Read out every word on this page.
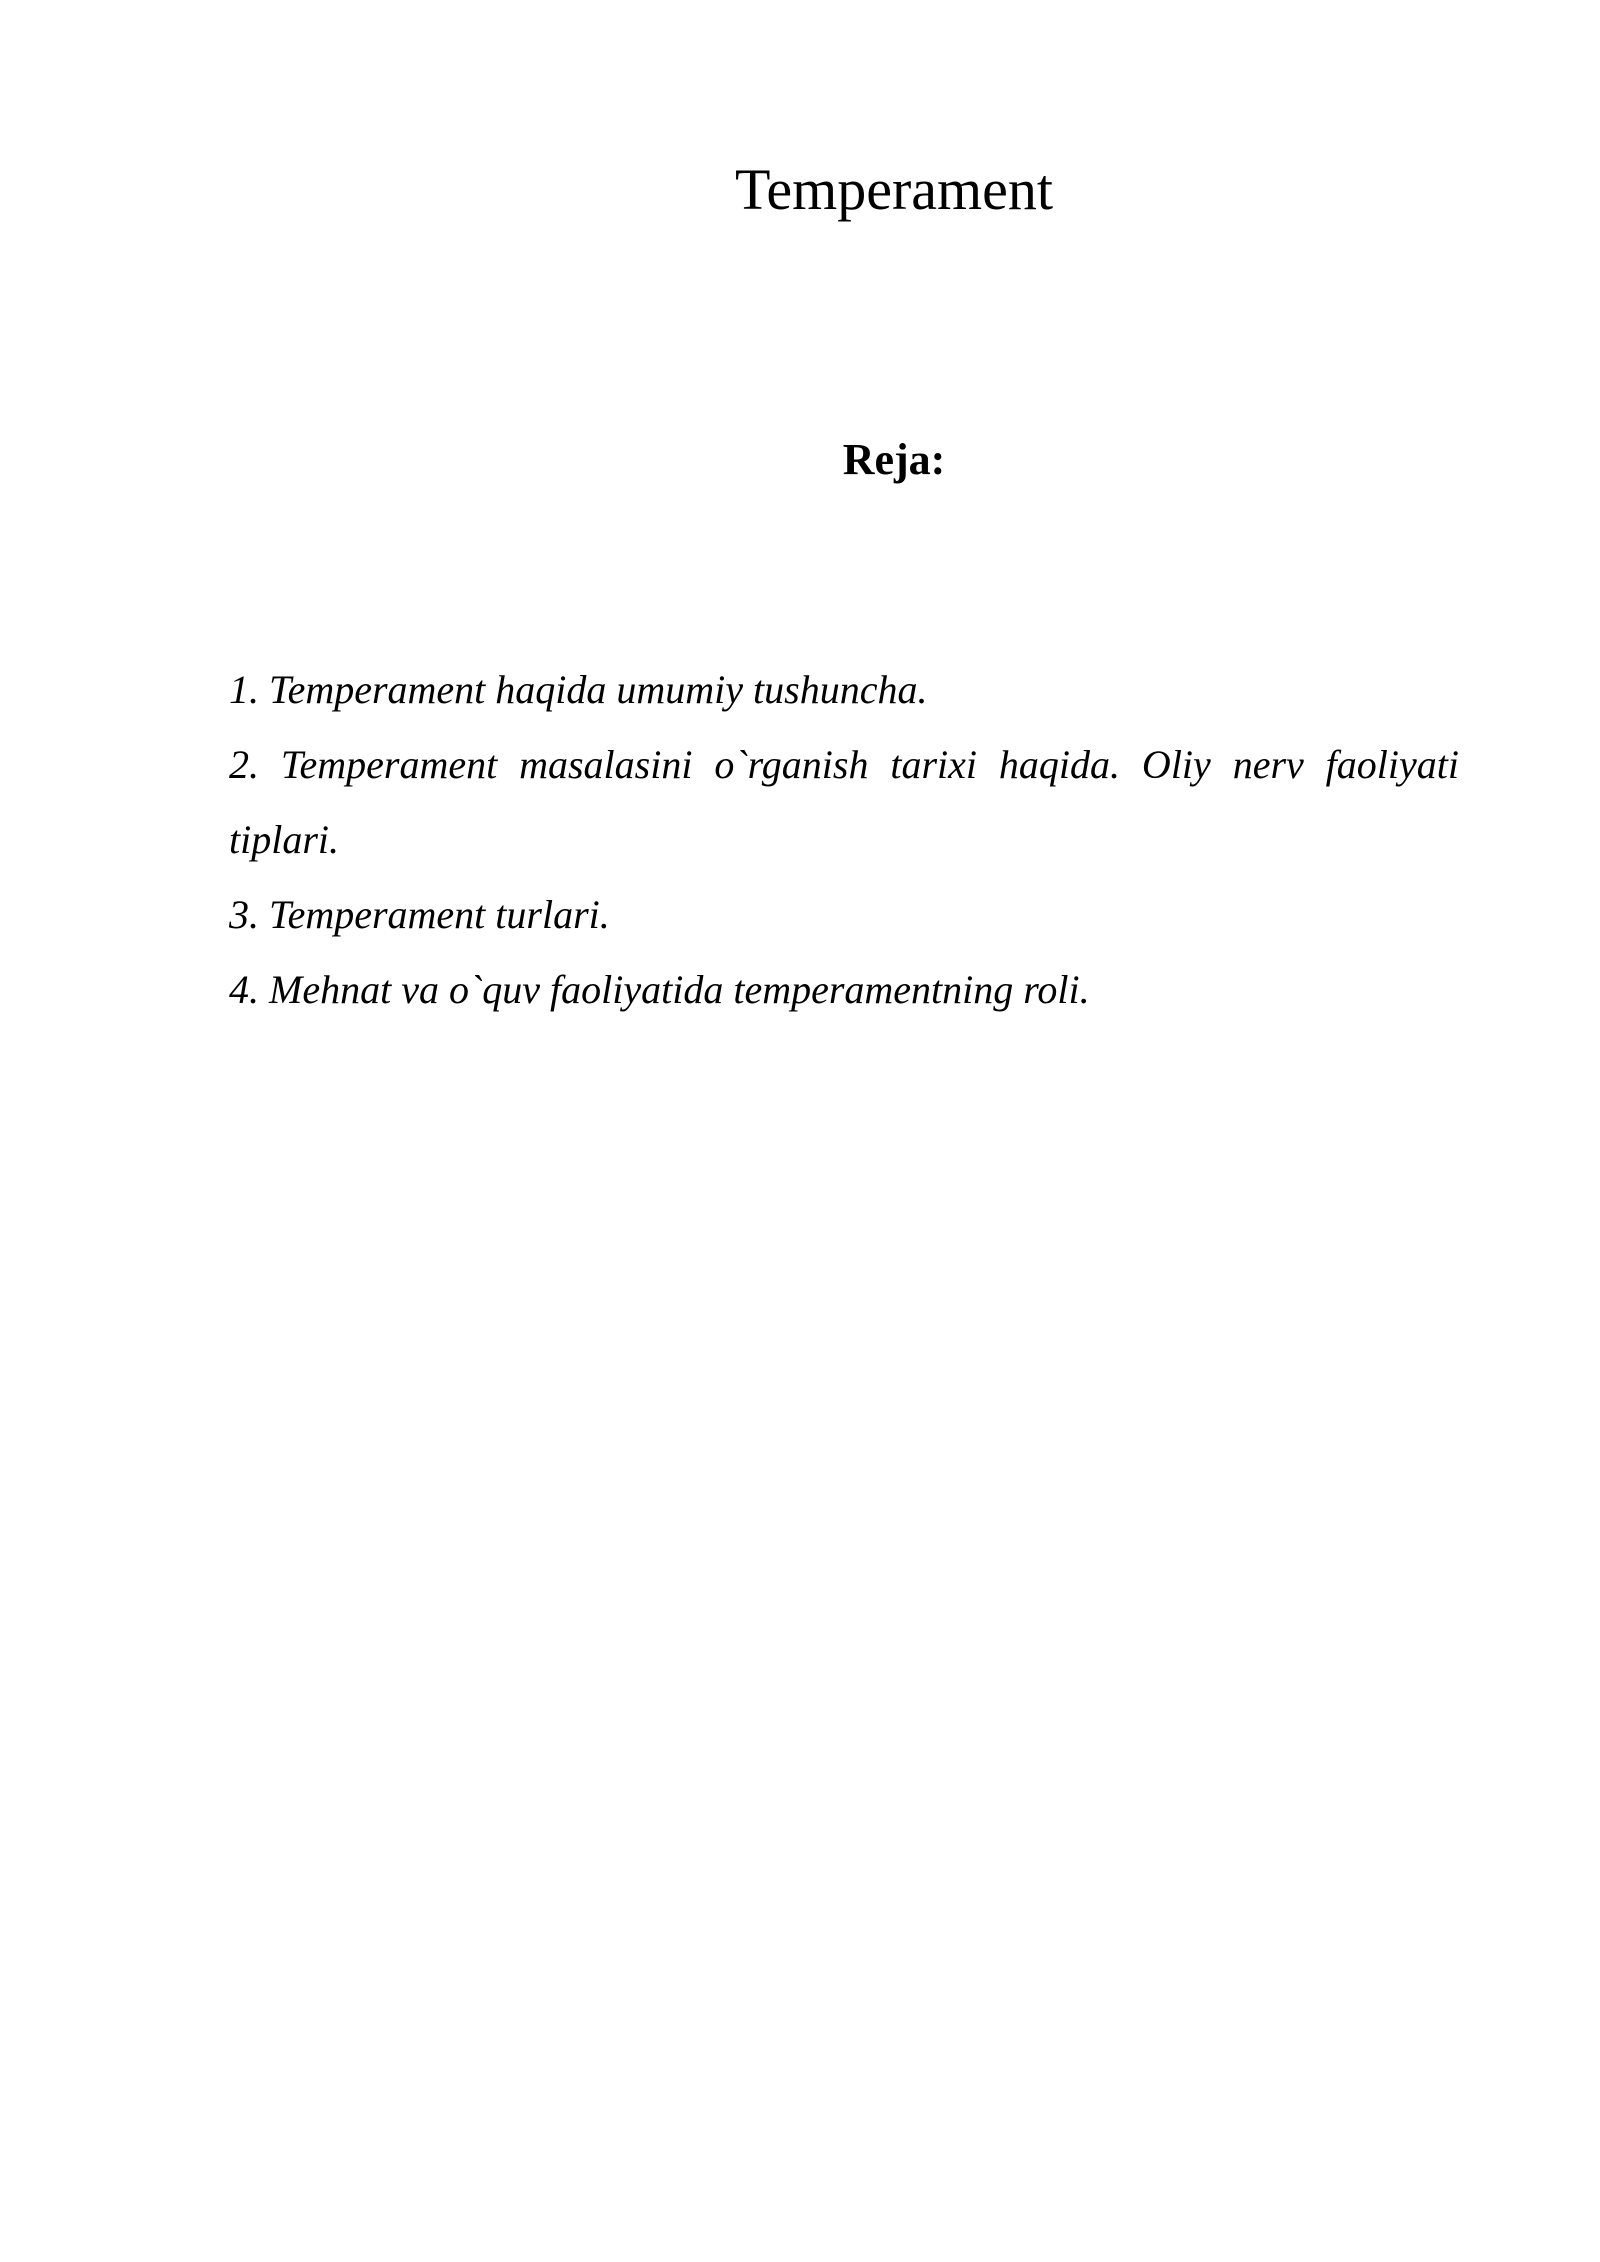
Temperament
Reja:
1. Temperament haqida umumiy tushuncha.
2. Temperament masalasini o`rganish tarixi haqida. Oliy nerv faoliyati tiplari.
3. Temperament turlari.
4. Mehnat va o`quv faoliyatida temperamentning roli.
